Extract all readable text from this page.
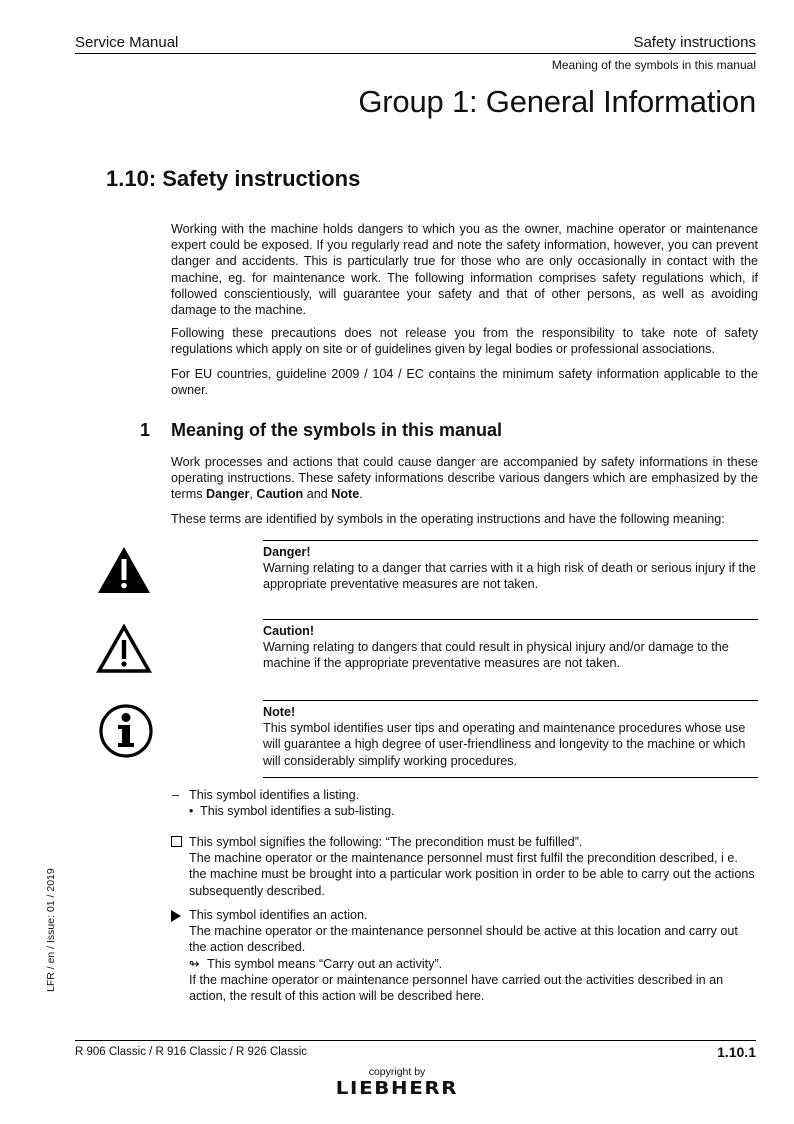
Service Manual	Safety instructions
Meaning of the symbols in this manual
Group 1: General Information
1.10: Safety instructions
Working with the machine holds dangers to which you as the owner, machine operator or maintenance expert could be exposed. If you regularly read and note the safety information, however, you can prevent danger and accidents. This is particularly true for those who are only occasionally in contact with the machine, eg. for maintenance work. The following information comprises safety regulations which, if followed conscientiously, will guarantee your safety and that of other persons, as well as avoiding damage to the machine.
Following these precautions does not release you from the responsibility to take note of safety regulations which apply on site or of guidelines given by legal bodies or professional associations.
For EU countries, guideline 2009 / 104 / EC contains the minimum safety information applicable to the owner.
1 Meaning of the symbols in this manual
Work processes and actions that could cause danger are accompanied by safety informations in these operating instructions. These safety informations describe various dangers which are emphasized by the terms Danger, Caution and Note.
These terms are identified by symbols in the operating instructions and have the following meaning:
Danger!
Warning relating to a danger that carries with it a high risk of death or serious injury if the appropriate preventative measures are not taken.
Caution!
Warning relating to dangers that could result in physical injury and/or damage to the machine if the appropriate preventative measures are not taken.
Note!
This symbol identifies user tips and operating and maintenance procedures whose use will guarantee a high degree of user-friendliness and longevity to the machine or which will considerably simplify working procedures.
– This symbol identifies a listing.
• This symbol identifies a sub-listing.
This symbol signifies the following: “The precondition must be fulfilled”.
The machine operator or the maintenance personnel must first fulfil the precondition described, i e. the machine must be brought into a particular work position in order to be able to carry out the actions subsequently described.
This symbol identifies an action.
The machine operator or the maintenance personnel should be active at this location and carry out the action described.
↬ This symbol means “Carry out an activity”.
If the machine operator or maintenance personnel have carried out the activities described in an action, the result of this action will be described here.
LFR / en / Issue: 01 / 2019
R 906 Classic / R 916 Classic / R 926 Classic	1.10.1
copyright by
LIEBHERR
